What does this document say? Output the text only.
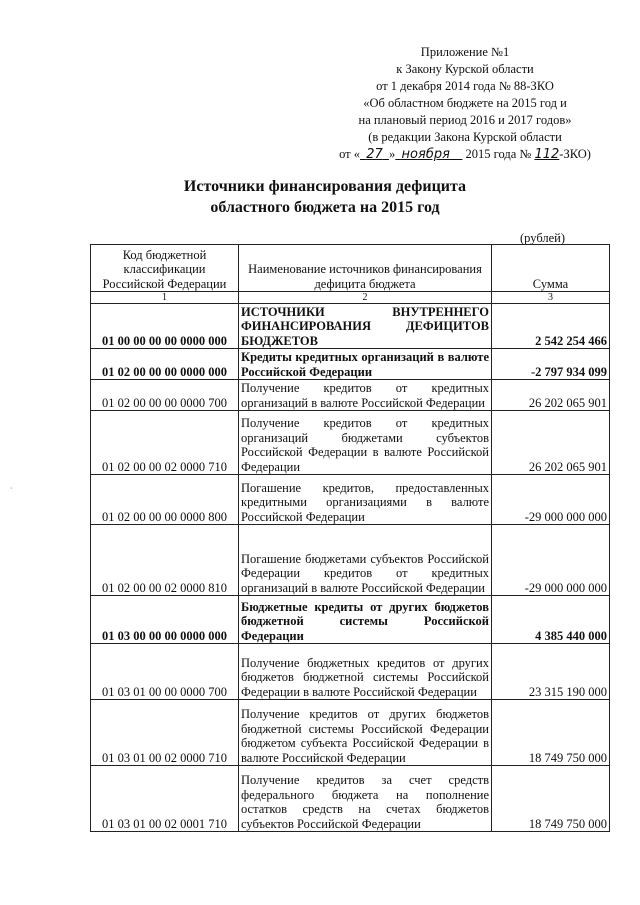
Приложение №1
к Закону Курской области
от 1 декабря 2014 года № 88-ЗКО
«Об областном бюджете на 2015 год и
на плановый период 2016 и 2017 годов»
(в редакции Закона Курской области
от « 27 » ноября 2015 года № 112-ЗКО)
Источники финансирования дефицита
областного бюджета на 2015 год
(рублей)
Код бюджетной классификации Российской Федерации	Наименование источников финансирования дефицита бюджета	Сумма
1	2	3
01 00 00 00 00 0000 000	ИСТОЧНИКИ ВНУТРЕННЕГО ФИНАНСИРОВАНИЯ ДЕФИЦИТОВ БЮДЖЕТОВ	2 542 254 466
01 02 00 00 00 0000 000	Кредиты кредитных организаций в валюте Российской Федерации	-2 797 934 099
01 02 00 00 00 0000 700	Получение кредитов от кредитных организаций в валюте Российской Федерации	26 202 065 901
01 02 00 00 02 0000 710	Получение кредитов от кредитных организаций бюджетами субъектов Российской Федерации в валюте Российской Федерации	26 202 065 901
01 02 00 00 00 0000 800	Погашение кредитов, предоставленных кредитными организациями в валюте Российской Федерации	-29 000 000 000
01 02 00 00 02 0000 810	Погашение бюджетами субъектов Российской Федерации кредитов от кредитных организаций в валюте Российской Федерации	-29 000 000 000
01 03 00 00 00 0000 000	Бюджетные кредиты от других бюджетов бюджетной системы Российской Федерации	4 385 440 000
01 03 01 00 00 0000 700	Получение бюджетных кредитов от других бюджетов бюджетной системы Российской Федерации в валюте Российской Федерации	23 315 190 000
01 03 01 00 02 0000 710	Получение кредитов от других бюджетов бюджетной системы Российской Федерации бюджетом субъекта Российской Федерации в валюте Российской Федерации	18 749 750 000
01 03 01 00 02 0001 710	Получение кредитов за счет средств федерального бюджета на пополнение остатков средств на счетах бюджетов субъектов Российской Федерации	18 749 750 000
·
